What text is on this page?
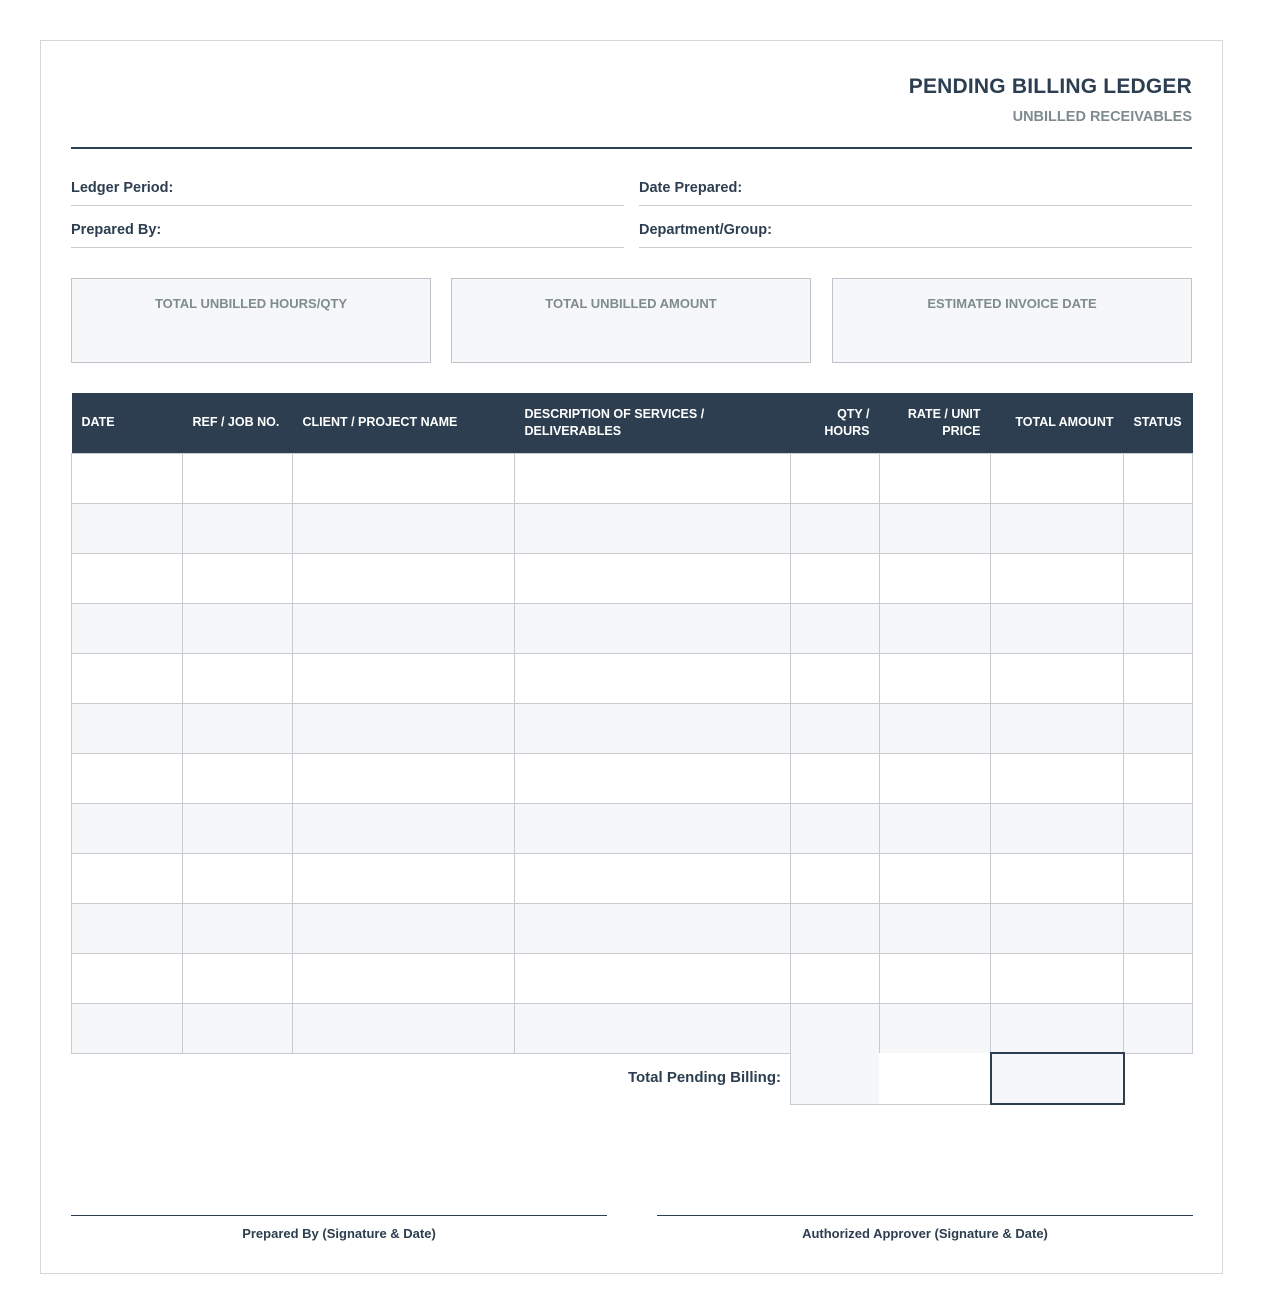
PENDING BILLING LEDGER
UNBILLED RECEIVABLES
Ledger Period:	Date Prepared:
Prepared By:	Department/Group:
TOTAL UNBILLED HOURS/QTY	TOTAL UNBILLED AMOUNT	ESTIMATED INVOICE DATE
DATE	REF / JOB NO.	CLIENT / PROJECT NAME	DESCRIPTION OF SERVICES / DELIVERABLES	QTY / HOURS	RATE / UNIT PRICE	TOTAL AMOUNT	STATUS

Total Pending Billing:
Prepared By (Signature & Date)	Authorized Approver (Signature & Date)
